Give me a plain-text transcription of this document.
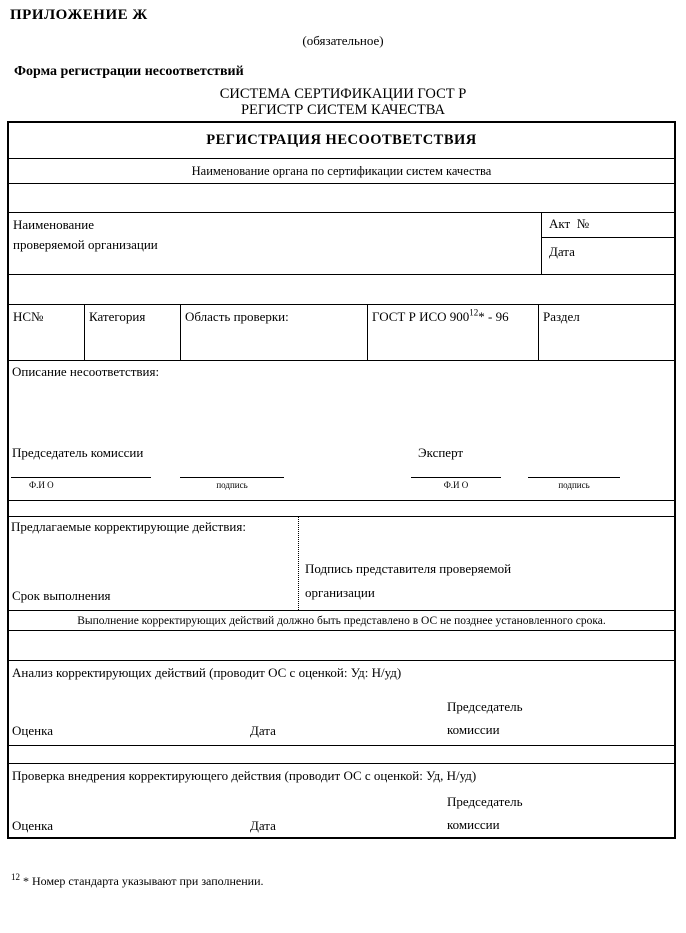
ПРИЛОЖЕНИЕ Ж
(обязательное)
Форма регистрации несоответствий
СИСТЕМА СЕРТИФИКАЦИИ ГОСТ Р
РЕГИСТР СИСТЕМ КАЧЕСТВА
РЕГИСТРАЦИЯ НЕСООТВЕТСТВИЯ
Наименование органа по сертификации систем качества
Наименование проверяемой организации
Акт  №
Дата
НС№	Категория	Область проверки:	ГОСТ Р ИСО $900^{12}* - 96$	Раздел
Описание несоответствия:
Председатель комиссии	Эксперт
Ф.И О	подпись	Ф.И О	подпись
Предлагаемые корректирующие действия:
Срок выполнения
Подпись представителя проверяемой организации
Выполнение корректирующих действий должно быть представлено в ОС не позднее установленного срока.
Анализ корректирующих действий (проводит ОС с оценкой: Уд: Н/уд)
Оценка	Дата
Председатель комиссии
Проверка внедрения корректирующего действия (проводит ОС с оценкой: Уд, Н/уд)
Оценка	Дата
Председатель комиссии
$^{12}$ * Номер стандарта указывают при заполнении.
